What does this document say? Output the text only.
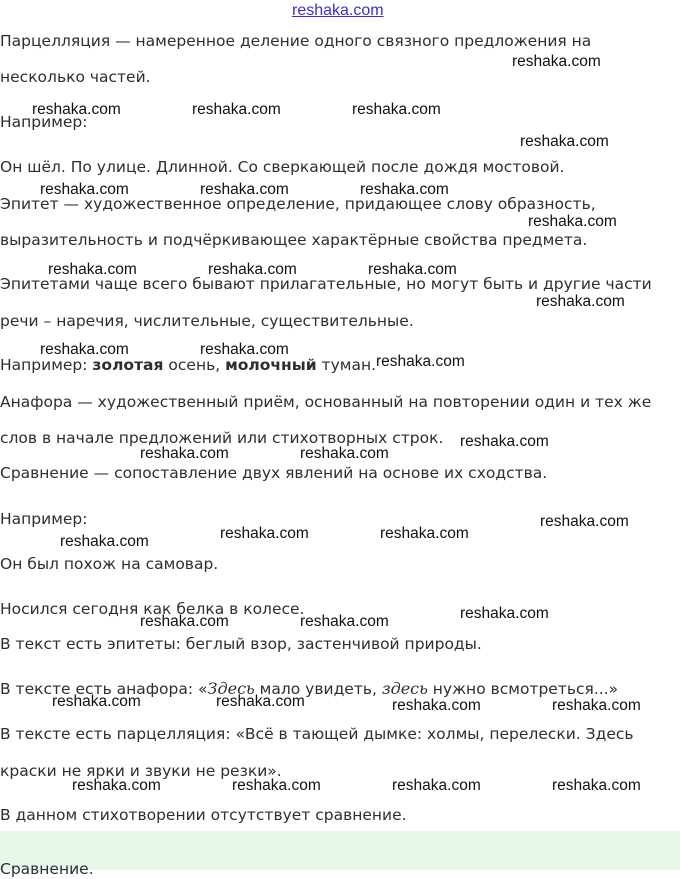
reshaka.com

Парцелляция — намеренное деление одного связного предложения на

несколько частей.

Например:

Он шёл. По улице. Длинной. Со сверкающей после дождя мостовой.

Эпитет — художественное определение, придающее слову образность,

выразительность и подчёркивающее характёрные свойства предмета.

Эпитетами чаще всего бывают прилагательные, но могут быть и другие части

речи – наречия, числительные, существительные.

Например: золотая осень, молочный туман.

Анафора — художественный приём, основанный на повторении один и тех же

слов в начале предложений или стихотворных строк.

Сравнение — сопоставление двух явлений на основе их сходства.

Например:

Он был похож на самовар.

Носился сегодня как белка в колесе.

В текст есть эпитеты: беглый взор, застенчивой природы.

В тексте есть анафора: «Здесь мало увидеть, здесь нужно всмотреться...»

В тексте есть парцелляция: «Всё в тающей дымке: холмы, перелески. Здесь

краски не ярки и звуки не резки».

В данном стихотворении отсутствует сравнение.

Сравнение.

reshaka.com
reshaka.com	reshaka.com	reshaka.com
reshaka.com
reshaka.com	reshaka.com	reshaka.com
reshaka.com
reshaka.com	reshaka.com	reshaka.com
reshaka.com
reshaka.com	reshaka.com
reshaka.com
reshaka.com
reshaka.com	reshaka.com
reshaka.com
reshaka.com	reshaka.com
reshaka.com
reshaka.com
reshaka.com	reshaka.com
reshaka.com	reshaka.com	reshaka.com	reshaka.com
reshaka.com	reshaka.com	reshaka.com	reshaka.com
